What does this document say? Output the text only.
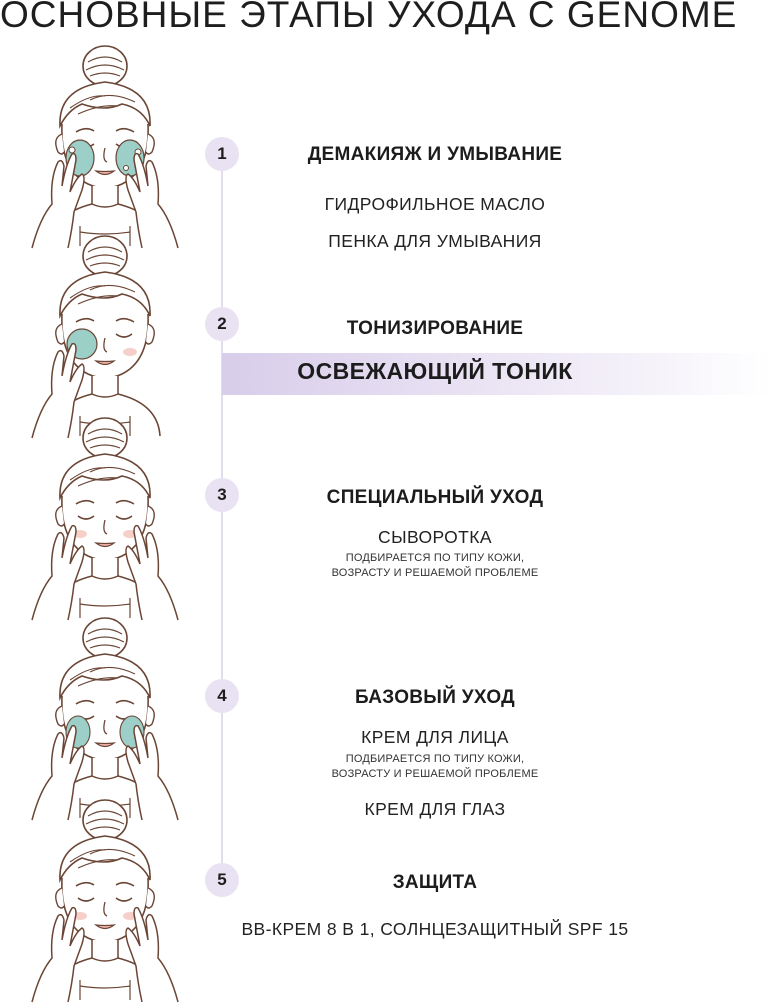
ОСНОВНЫЕ ЭТАПЫ УХОДА С GENOME
1	ДЕМАКИЯЖ И УМЫВАНИЕ
ГИДРОФИЛЬНОЕ МАСЛО
ПЕНКА ДЛЯ УМЫВАНИЯ
2	ТОНИЗИРОВАНИЕ
ОСВЕЖАЮЩИЙ ТОНИК
3	СПЕЦИАЛЬНЫЙ УХОД
СЫВОРОТКА
ПОДБИРАЕТСЯ ПО ТИПУ КОЖИ,
ВОЗРАСТУ И РЕШАЕМОЙ ПРОБЛЕМЕ
4	БАЗОВЫЙ УХОД
КРЕМ ДЛЯ ЛИЦА
ПОДБИРАЕТСЯ ПО ТИПУ КОЖИ,
ВОЗРАСТУ И РЕШАЕМОЙ ПРОБЛЕМЕ
КРЕМ ДЛЯ ГЛАЗ
5	ЗАЩИТА
BB-КРЕМ 8 В 1, СОЛНЦЕЗАЩИТНЫЙ SPF 15
